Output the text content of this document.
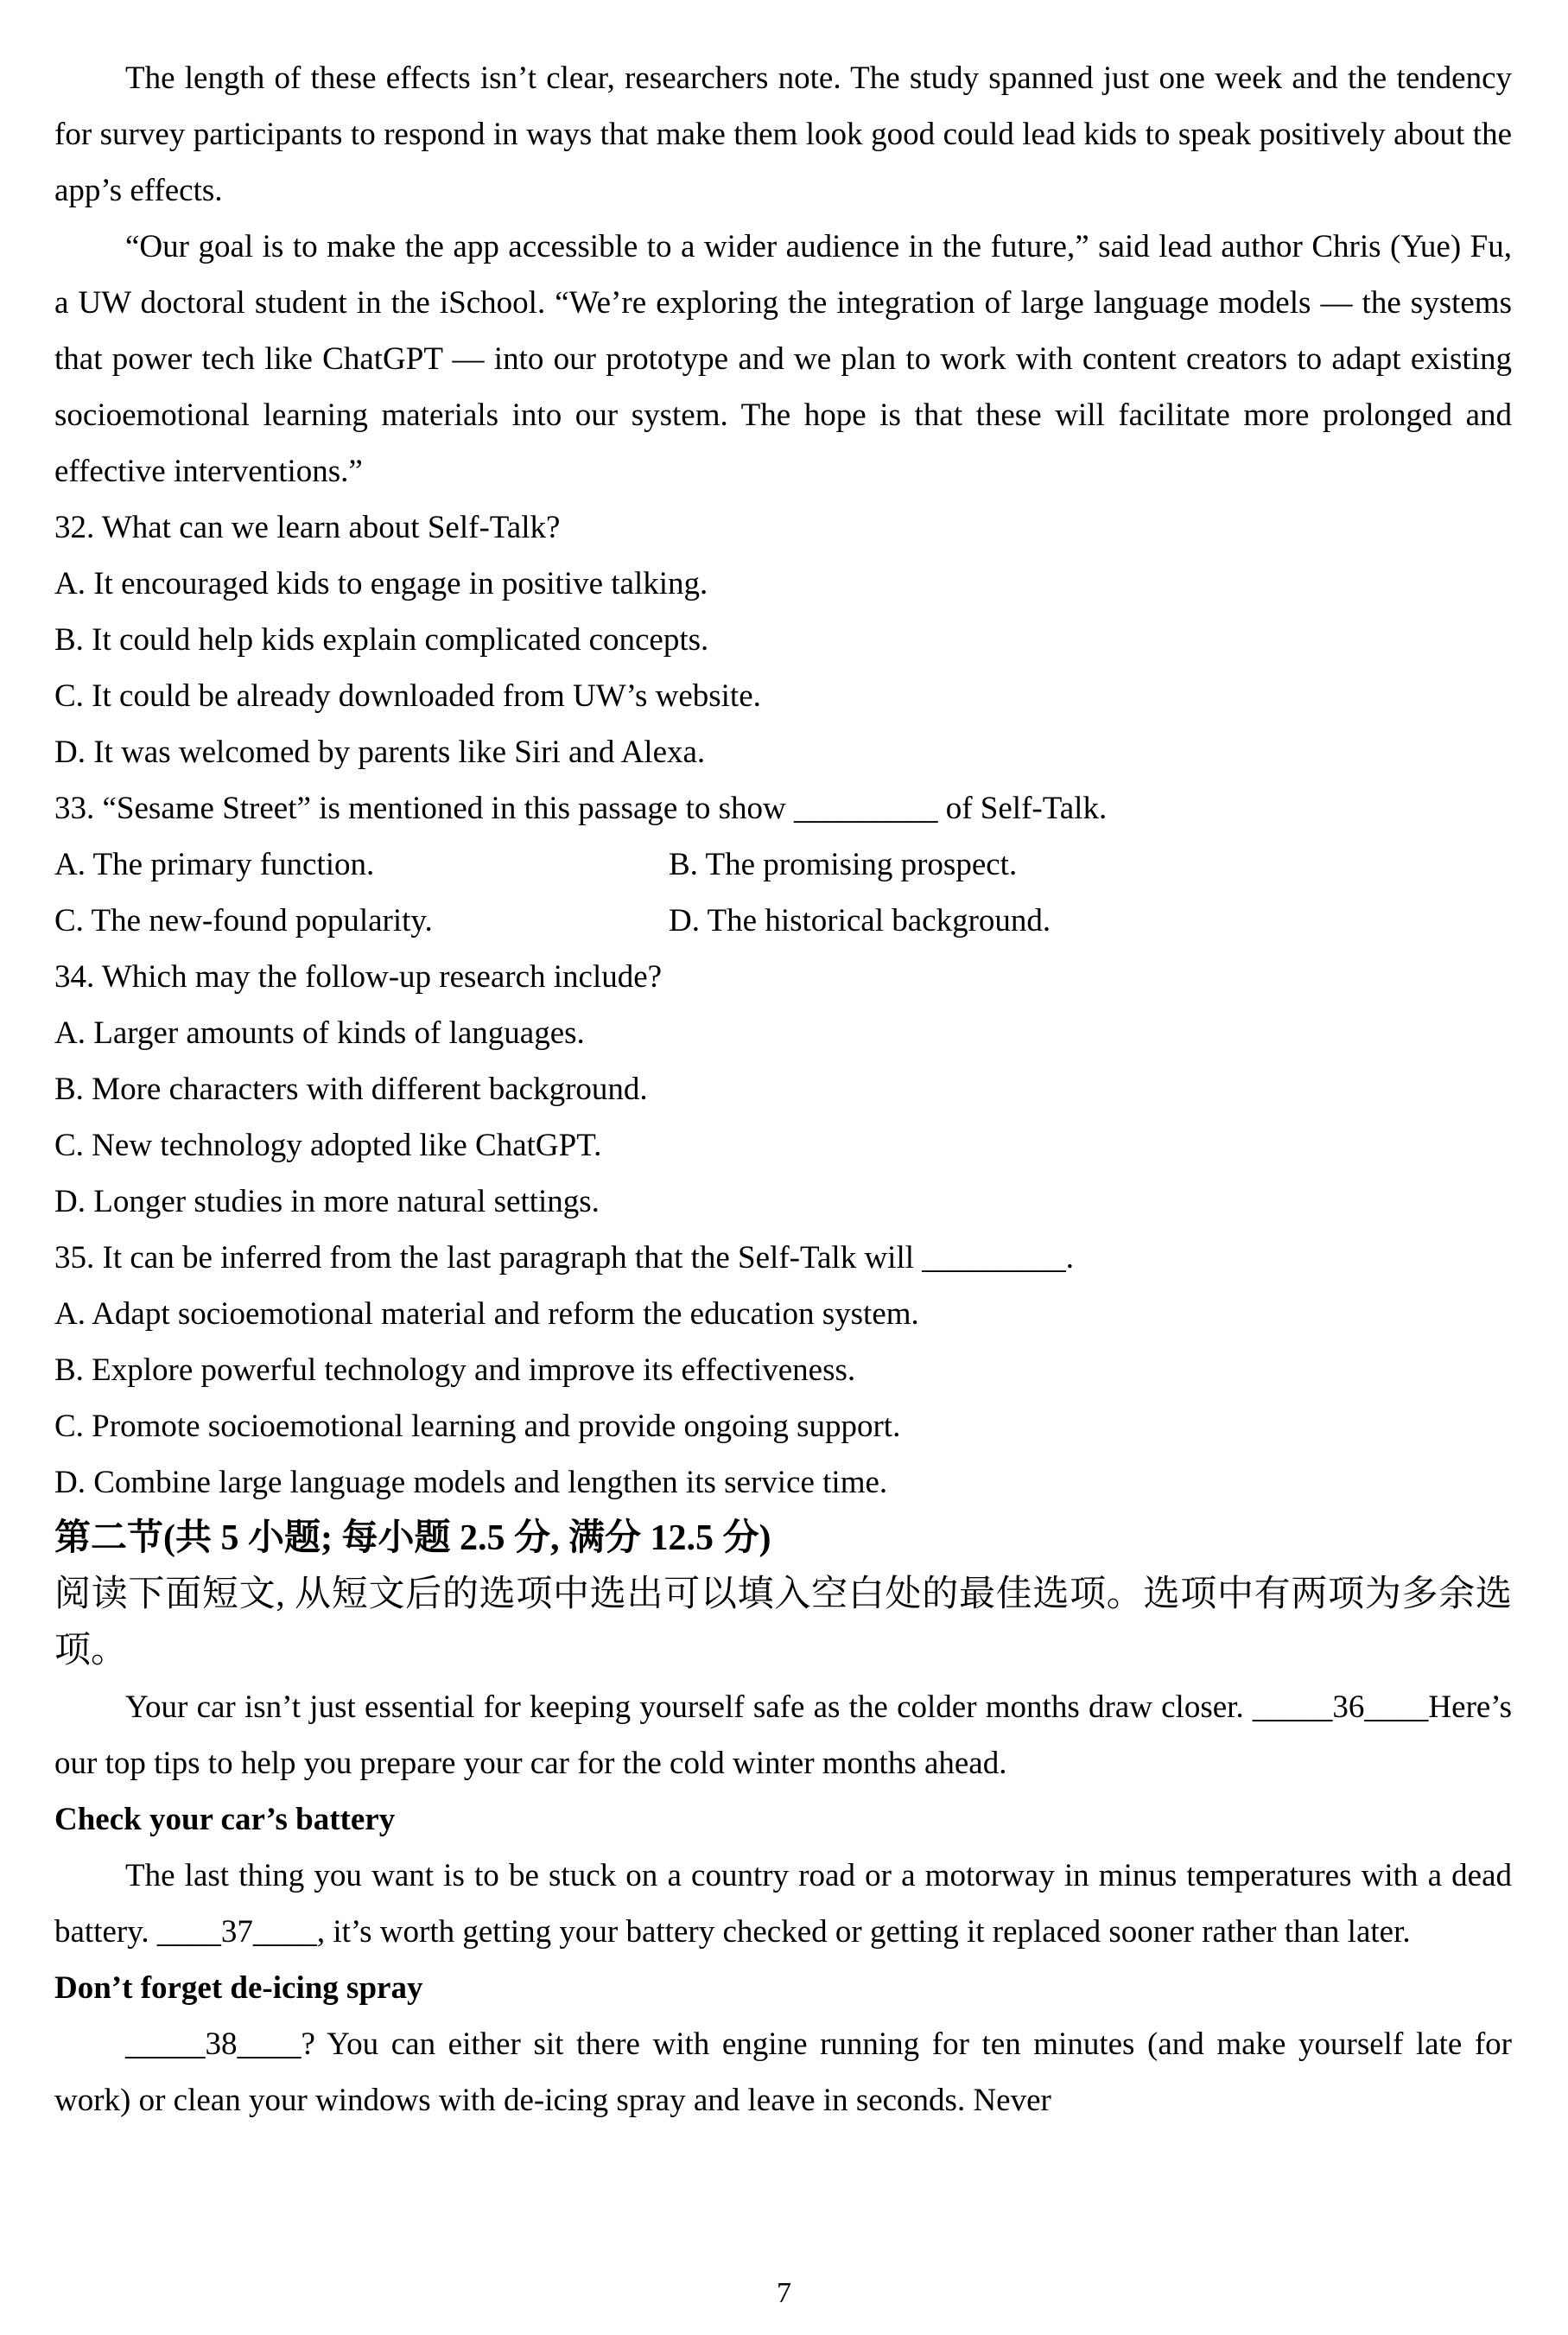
The length of these effects isn’t clear, researchers note. The study spanned just one week and the tendency for survey participants to respond in ways that make them look good could lead kids to speak positively about the app’s effects.
“Our goal is to make the app accessible to a wider audience in the future,” said lead author Chris (Yue) Fu, a UW doctoral student in the iSchool. “We’re exploring the integration of large language models — the systems that power tech like ChatGPT — into our prototype and we plan to work with content creators to adapt existing socioemotional learning materials into our system. The hope is that these will facilitate more prolonged and effective interventions.”
32. What can we learn about Self-Talk?
A. It encouraged kids to engage in positive talking.
B. It could help kids explain complicated concepts.
C. It could be already downloaded from UW’s website.
D. It was welcomed by parents like Siri and Alexa.
33. “Sesame Street” is mentioned in this passage to show _________ of Self-Talk.
A. The primary function.	B. The promising prospect.
C. The new-found popularity.	D. The historical background.
34. Which may the follow-up research include?
A. Larger amounts of kinds of languages.
B. More characters with different background.
C. New technology adopted like ChatGPT.
D. Longer studies in more natural settings.
35. It can be inferred from the last paragraph that the Self-Talk will _________.
A. Adapt socioemotional material and reform the education system.
B. Explore powerful technology and improve its effectiveness.
C. Promote socioemotional learning and provide ongoing support.
D. Combine large language models and lengthen its service time.
第二节(共 5 小题; 每小题 2.5 分, 满分 12.5 分)
阅读下面短文, 从短文后的选项中选出可以填入空白处的最佳选项。选项中有两项为多余选项。
Your car isn’t just essential for keeping yourself safe as the colder months draw closer. _____36____Here’s our top tips to help you prepare your car for the cold winter months ahead.
Check your car’s battery
The last thing you want is to be stuck on a country road or a motorway in minus temperatures with a dead battery. ____37____, it’s worth getting your battery checked or getting it replaced sooner rather than later.
Don’t forget de-icing spray
_____38____? You can either sit there with engine running for ten minutes (and make yourself late for work) or clean your windows with de-icing spray and leave in seconds. Never
7
